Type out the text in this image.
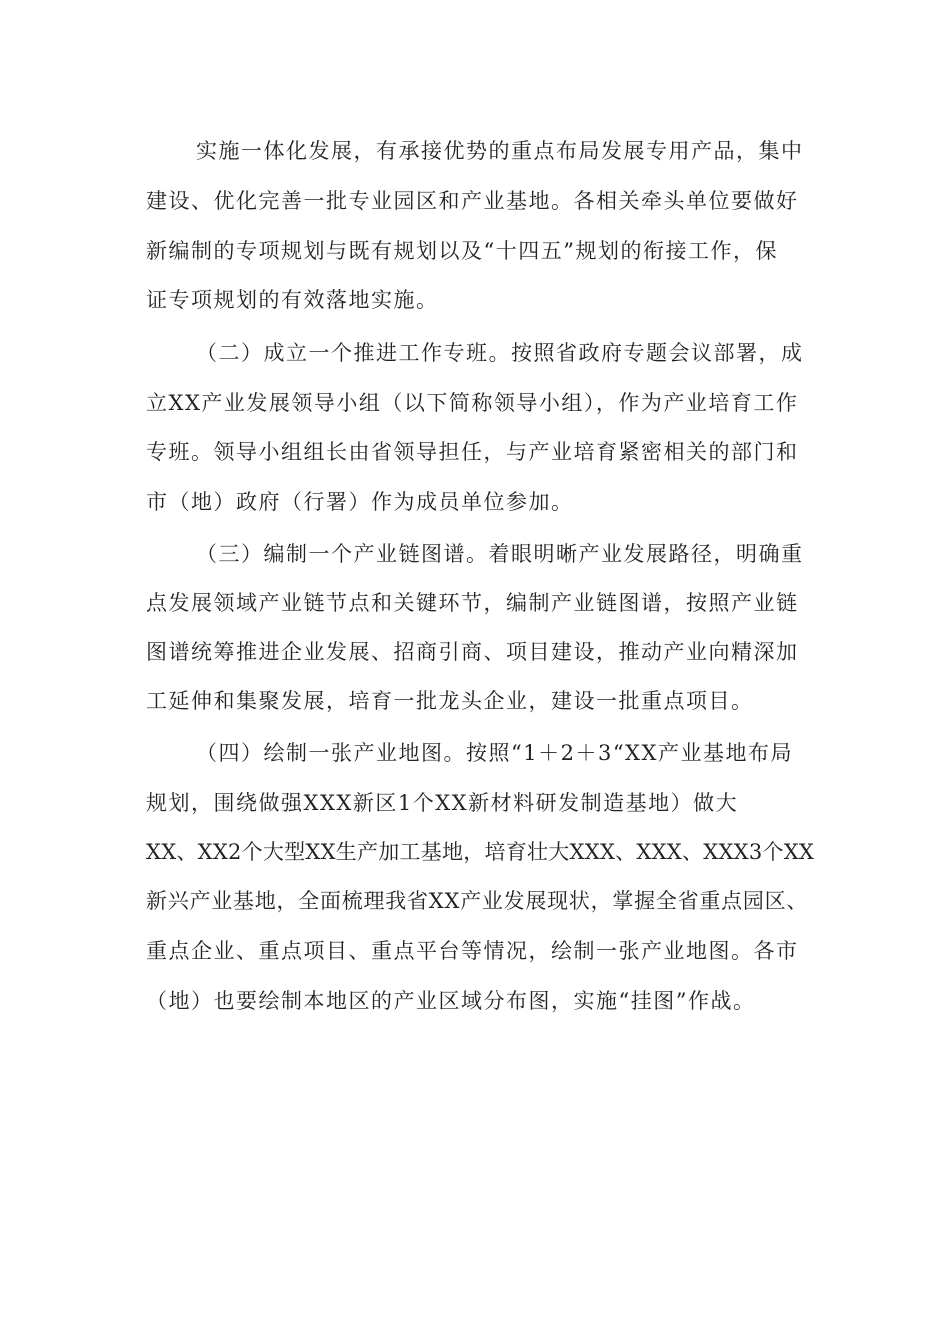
实施一体化发展，有承接优势的重点布局发展专用产品，集中
建设、优化完善一批专业园区和产业基地。各相关牵头单位要做好
新编制的专项规划与既有规划以及“十四五”规划的衔接工作，保
证专项规划的有效落地实施。
（二）成立一个推进工作专班。按照省政府专题会议部署，成
立XX产业发展领导小组（以下简称领导小组），作为产业培育工作
专班。领导小组组长由省领导担任，与产业培育紧密相关的部门和
市（地）政府（行署）作为成员单位参加。
（三）编制一个产业链图谱。着眼明晰产业发展路径，明确重
点发展领域产业链节点和关键环节，编制产业链图谱，按照产业链
图谱统筹推进企业发展、招商引商、项目建设，推动产业向精深加
工延伸和集聚发展，培育一批龙头企业，建设一批重点项目。
（四）绘制一张产业地图。按照“1＋2＋3“XX产业基地布局
规划，围绕做强XXX新区1个XX新材料研发制造基地）做大
XX、XX2个大型XX生产加工基地，培育壮大XXX、XXX、XXX3个XX
新兴产业基地，全面梳理我省XX产业发展现状，掌握全省重点园区、
重点企业、重点项目、重点平台等情况，绘制一张产业地图。各市
（地）也要绘制本地区的产业区域分布图，实施“挂图”作战。
